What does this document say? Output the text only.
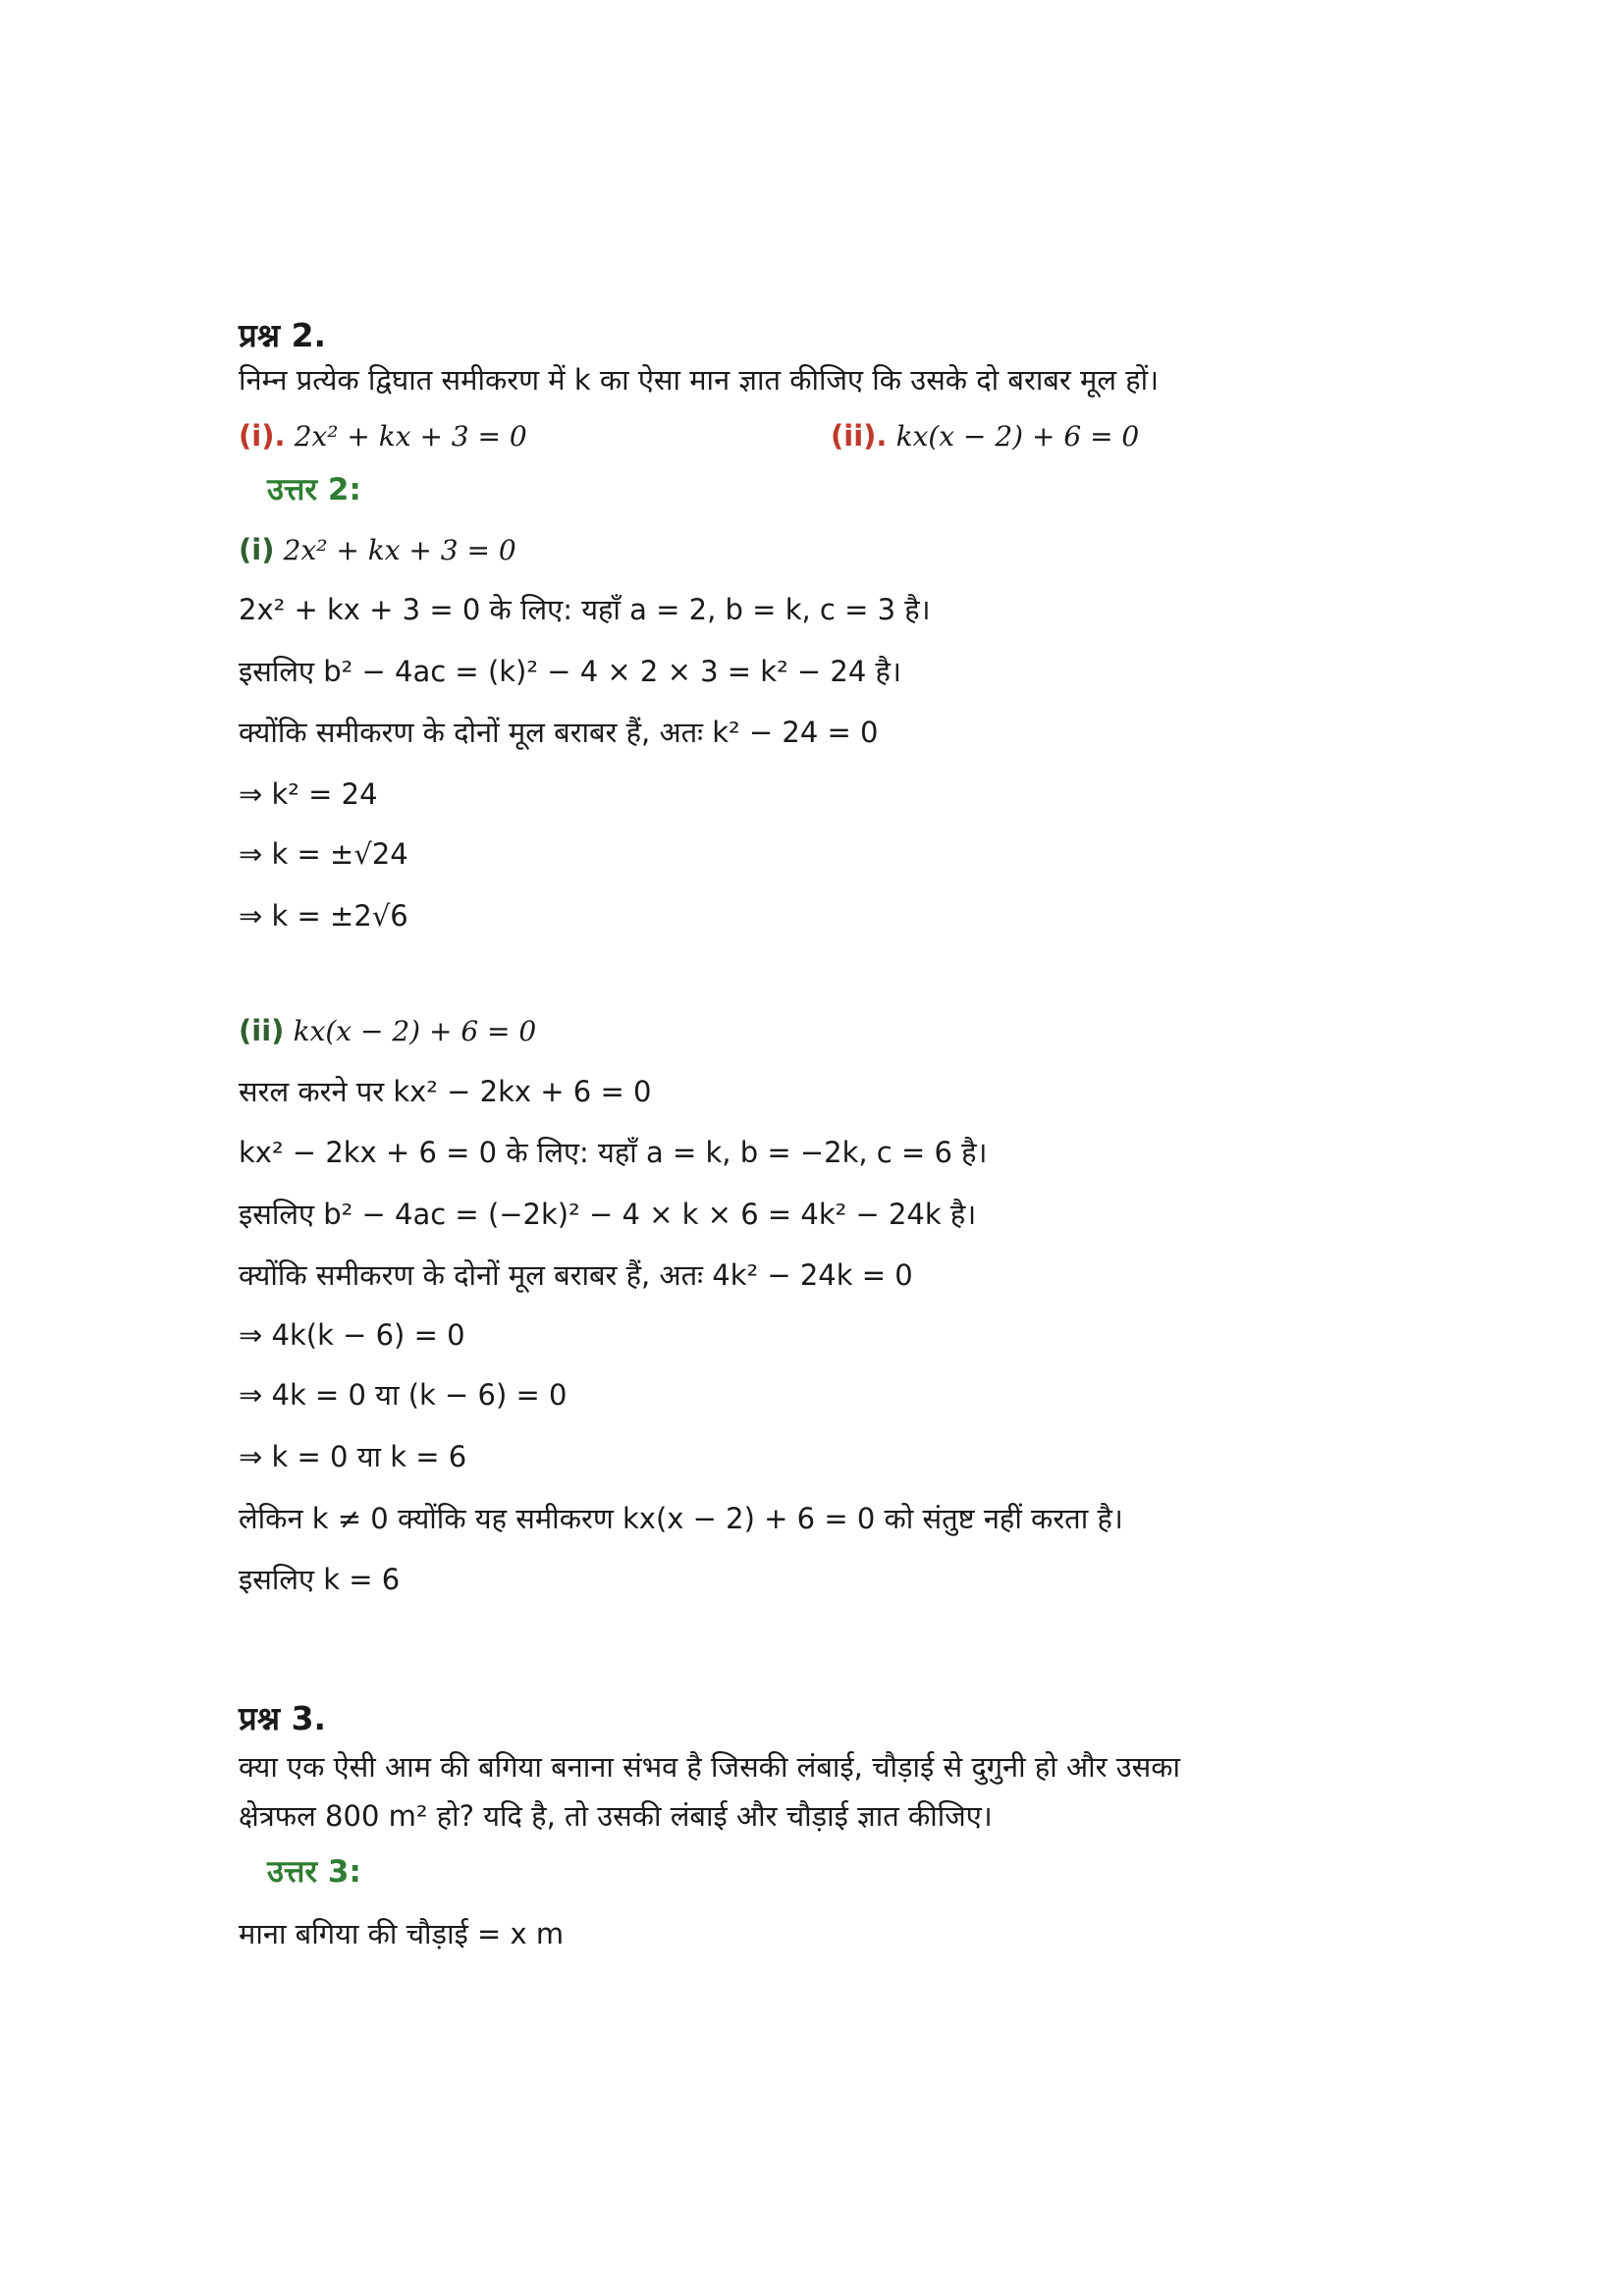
प्रश्न 2.
निम्न प्रत्येक द्विघात समीकरण में k का ऐसा मान ज्ञात कीजिए कि उसके दो बराबर मूल हों।
(i). 2x² + kx + 3 = 0	(ii). kx(x − 2) + 6 = 0
उत्तर 2:
(i) 2x² + kx + 3 = 0
2x² + kx + 3 = 0 के लिए: यहाँ a = 2, b = k, c = 3 है।
इसलिए b² − 4ac = (k)² − 4 × 2 × 3 = k² − 24 है।
क्योंकि समीकरण के दोनों मूल बराबर हैं, अतः k² − 24 = 0
⇒ k² = 24
⇒ k = ±√24
⇒ k = ±2√6
(ii) kx(x − 2) + 6 = 0
सरल करने पर kx² − 2kx + 6 = 0
kx² − 2kx + 6 = 0 के लिए: यहाँ a = k, b = −2k, c = 6 है।
इसलिए b² − 4ac = (−2k)² − 4 × k × 6 = 4k² − 24k है।
क्योंकि समीकरण के दोनों मूल बराबर हैं, अतः 4k² − 24k = 0
⇒ 4k(k − 6) = 0
⇒ 4k = 0 या (k − 6) = 0
⇒ k = 0 या k = 6
लेकिन k ≠ 0 क्योंकि यह समीकरण kx(x − 2) + 6 = 0 को संतुष्ट नहीं करता है।
इसलिए k = 6
प्रश्न 3.
क्या एक ऐसी आम की बगिया बनाना संभव है जिसकी लंबाई, चौड़ाई से दुगुनी हो और उसका
क्षेत्रफल 800 m² हो? यदि है, तो उसकी लंबाई और चौड़ाई ज्ञात कीजिए।
उत्तर 3:
माना बगिया की चौड़ाई = x m
